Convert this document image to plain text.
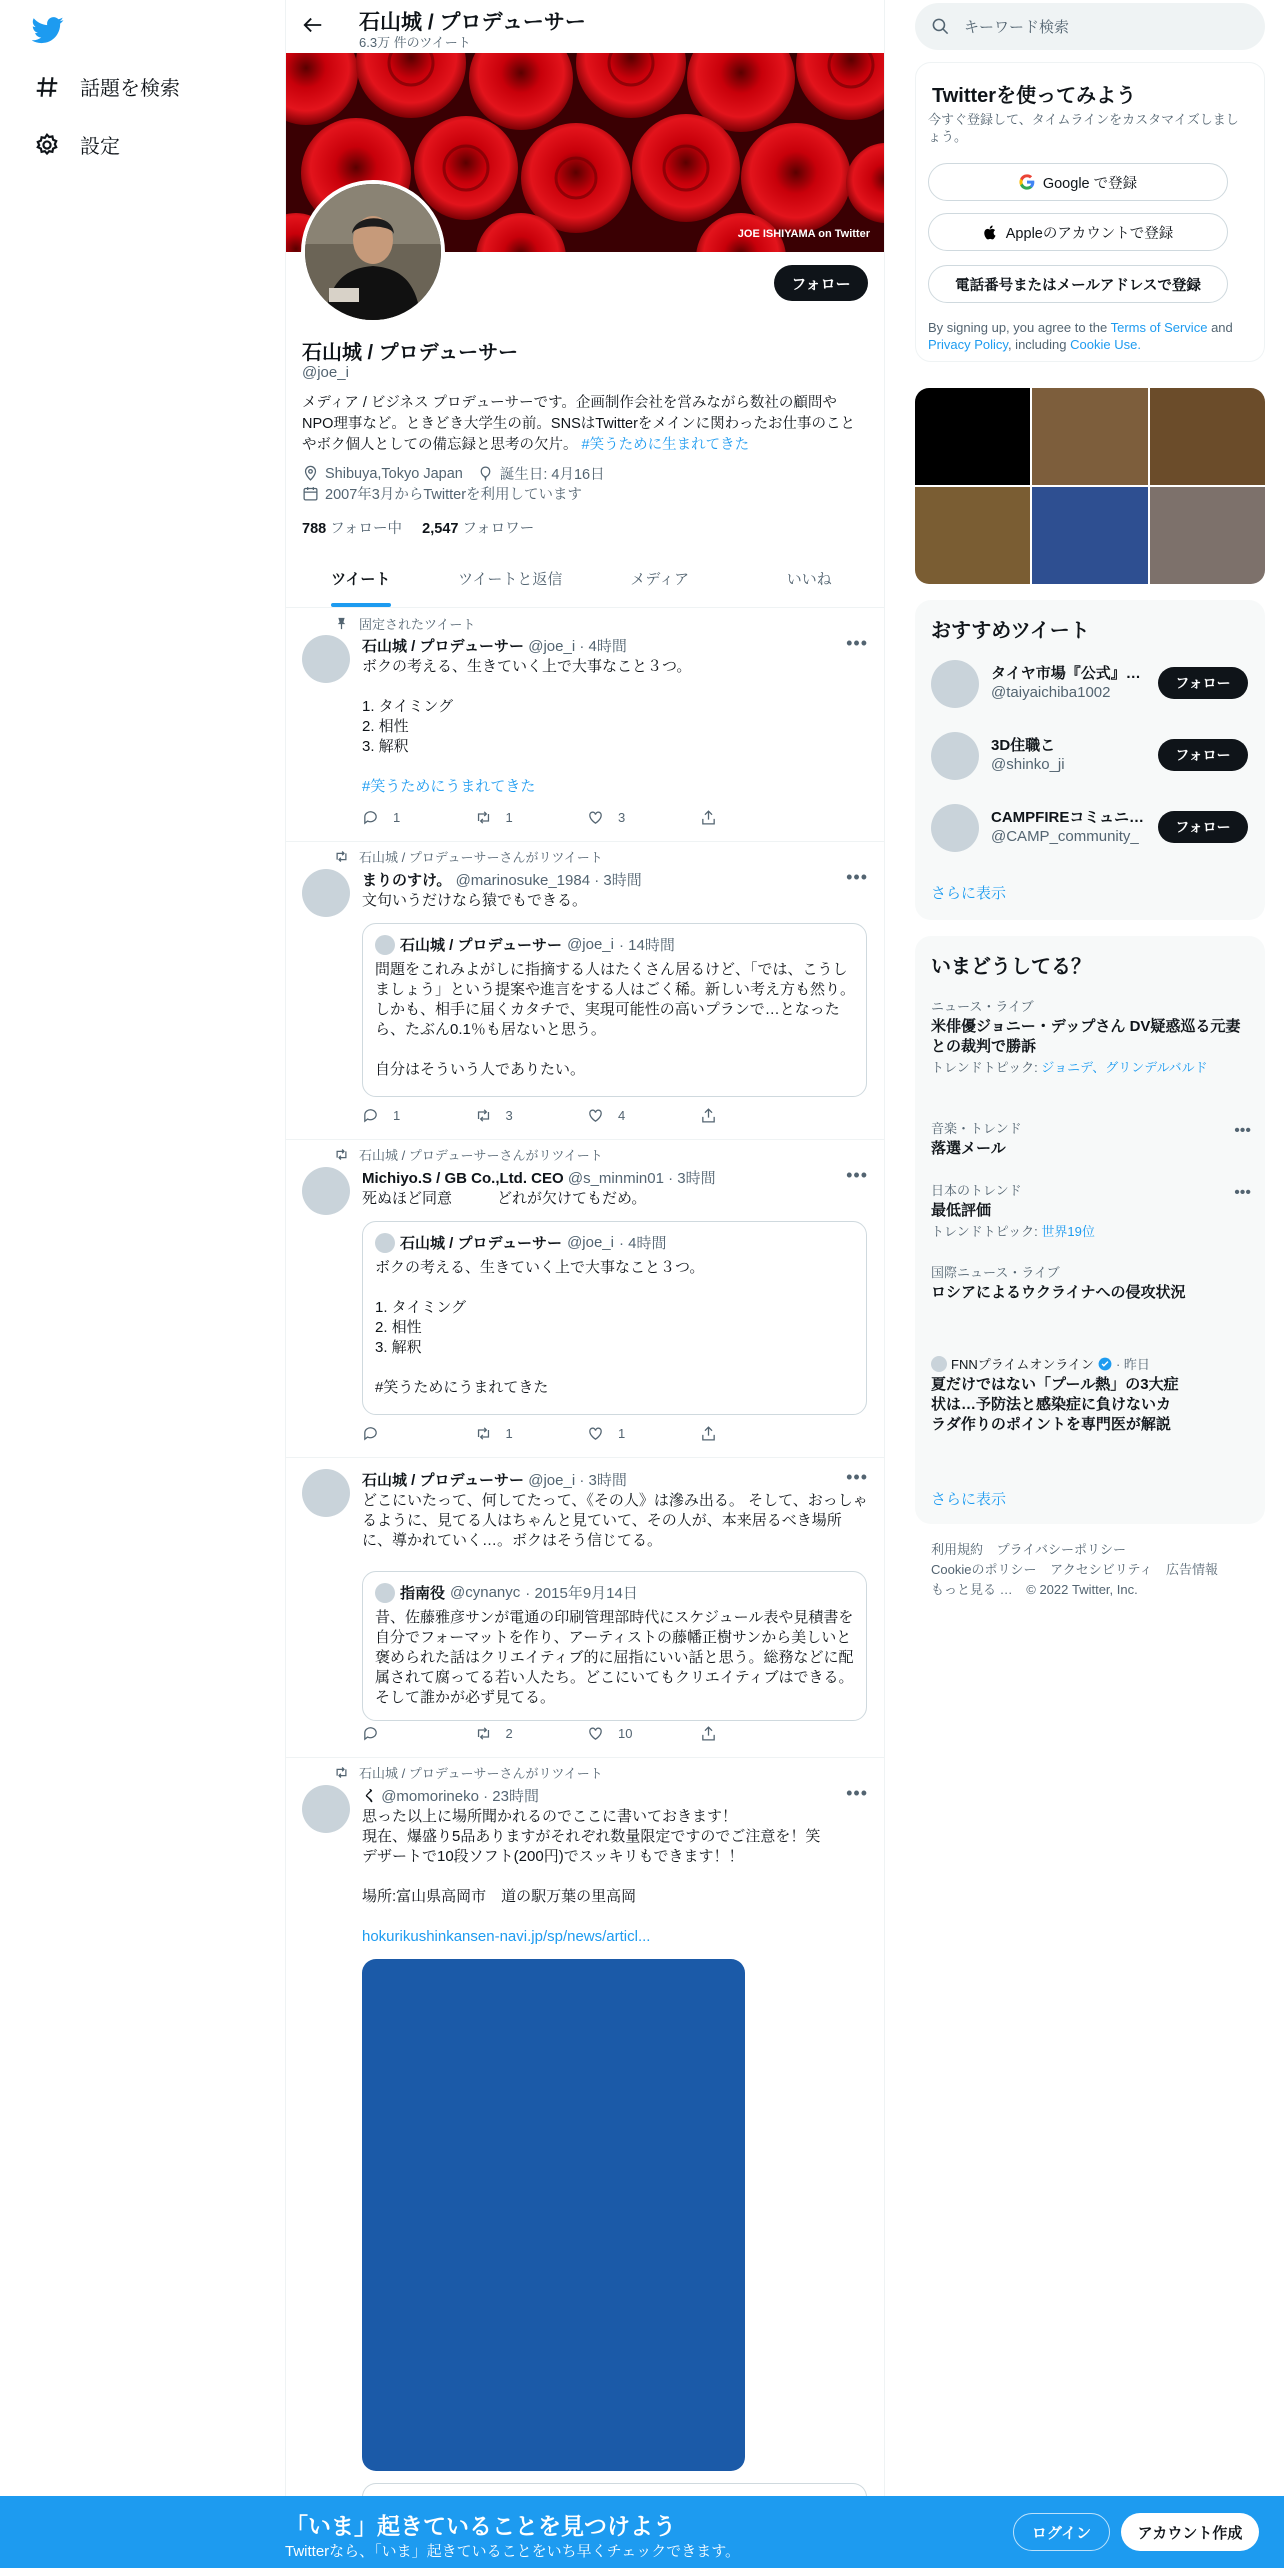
話題を検索
設定
石山城 / プロデューサー
6.3万 件のツイート
JOE ISHIYAMA on Twitter
フォロー
石山城 / プロデューサー
@joe_i
メディア / ビジネス プロデューサーです。企画制作会社を営みながら数社の顧問やNPO理事など。ときどき大学生の前。SNSはTwitterをメインに関わったお仕事のことやボク個人としての備忘録と思考の欠片。 #笑うために生まれてきた
Shibuya,Tokyo Japan	誕生日: 4月16日
2007年3月からTwitterを利用しています
788 フォロー中 2,547 フォロワー
ツイート	ツイートと返信	メディア	いいね
固定されたツイート
石山城 / プロデューサー @joe_i · 4時間	•••
ボクの考える、生きていく上で大事なこと３つ。

1. タイミング
2. 相性
3. 解釈
#笑うためにうまれてきた
1	1	3
石山城 / プロデューサーさんがリツイート
まりのすけ。 @marinosuke_1984 · 3時間	•••
文句いうだけなら猿でもできる。
石山城 / プロデューサー @joe_i · 14時間
問題をこれみよがしに指摘する人はたくさん居るけど、「では、こうしましょう」という提案や進言をする人はごく稀。新しい考え方も然り。しかも、相手に届くカタチで、実現可能性の高いプランで…となったら、たぶん0.1％も居ないと思う。

自分はそういう人でありたい。
1	3	4
石山城 / プロデューサーさんがリツイート
Michiyo.S / GB Co.,Ltd. CEO @s_minmin01 · 3時間	•••
死ぬほど同意　　　どれが欠けてもだめ。
石山城 / プロデューサー @joe_i · 4時間
ボクの考える、生きていく上で大事なこと３つ。

1. タイミング
2. 相性
3. 解釈

#笑うためにうまれてきた
1	1
石山城 / プロデューサー @joe_i · 3時間	•••
どこにいたって、何してたって、《その人》は滲み出る。 そして、おっしゃるように、見てる人はちゃんと見ていて、その人が、本来居るべき場所に、導かれていく…。ボクはそう信じてる。
指南役 @cynanyc · 2015年9月14日
昔、佐藤雅彦サンが電通の印刷管理部時代にスケジュール表や見積書を自分でフォーマットを作り、アーティストの藤幡正樹サンから美しいと褒められた話はクリエイティブ的に屈指にいい話と思う。総務などに配属されて腐ってる若い人たち。どこにいてもクリエイティブはできる。そして誰かが必ず見てる。
2	10
石山城 / プロデューサーさんがリツイート
く @momorineko · 23時間	•••
思った以上に場所聞かれるのでここに書いておきます！
現在、爆盛り5品ありますがそれぞれ数量限定ですのでご注意を！笑
デザートで10段ソフト(200円)でスッキリもできます！！

場所:富山県高岡市　道の駅万葉の里高岡
hokurikushinkansen-navi.jp/sp/news/articl...
キーワード検索
Twitterを使ってみよう
今すぐ登録して、タイムラインをカスタマイズしましょう。
Google で登録
Appleのアカウントで登録
電話番号またはメールアドレスで登録
By signing up, you agree to the Terms of Service and Privacy Policy, including Cookie Use.
おすすめツイート
タイヤ市場『公式』…
@taiyaichiba1002
フォロー
3D住職こ
@shinko_ji
フォロー
CAMPFIREコミュニ…
@CAMP_community_
フォロー
さらに表示
いまどうしてる？
ニュース・ライブ
米俳優ジョニー・デップさん DV疑惑巡る元妻との裁判で勝訴
トレンドトピック: ジョニデ、グリンデルバルド
音楽・トレンド
落選メール
•••
日本のトレンド
最低評価
トレンドトピック: 世界19位
•••
国際ニュース・ライブ
ロシアによるウクライナへの侵攻状況
FNNプライムオンライン · 昨日
夏だけではない「プール熱」の3大症状は…予防法と感染症に負けないカラダ作りのポイントを専門医が解説
さらに表示
利用規約 プライバシーポリシー
Cookieのポリシー アクセシビリティ 広告情報
もっと見る … © 2022 Twitter, Inc.
「いま」起きていることを見つけよう
Twitterなら、「いま」起きていることをいち早くチェックできます。
ログイン	アカウント作成
